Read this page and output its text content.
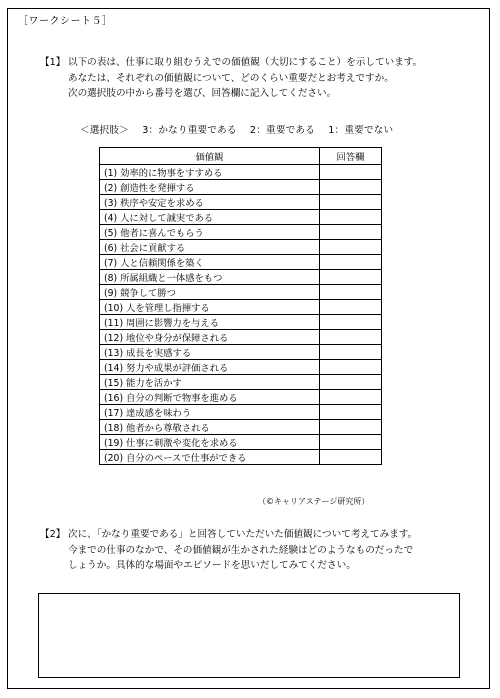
［ワークシート５］
【1】 以下の表は、仕事に取り組むうえでの価値観（大切にすること）を示しています。

あなたは、それぞれの価値観について、どのくらい重要だとお考えですか。

次の選択肢の中から番号を選び、回答欄に記入してください。

＜選択肢＞ 3：かなり重要である 2：重要である 1：重要でない
価値観	回答欄
(1) 効率的に物事をすすめる	
(2) 創造性を発揮する	
(3) 秩序や安定を求める	
(4) 人に対して誠実である	
(5) 他者に喜んでもらう	
(6) 社会に貢献する	
(7) 人と信頼関係を築く	
(8) 所属組織と一体感をもつ	
(9) 競争して勝つ	
(10) 人を管理し指揮する	
(11) 周囲に影響力を与える	
(12) 地位や身分が保障される	
(13) 成長を実感する	
(14) 努力や成果が評価される	
(15) 能力を活かす	
(16) 自分の判断で物事を進める	
(17) 達成感を味わう	
(18) 他者から尊敬される	
(19) 仕事に刺激や変化を求める	
(20) 自分のペースで仕事ができる	
（©キャリアステージ研究所）
【2】 次に、「かなり重要である」と回答していただいた価値観について考えてみます。

今までの仕事のなかで、その価値観が生かされた経験はどのようなものだったで

しょうか。具体的な場面やエピソードを思いだしてみてください。
